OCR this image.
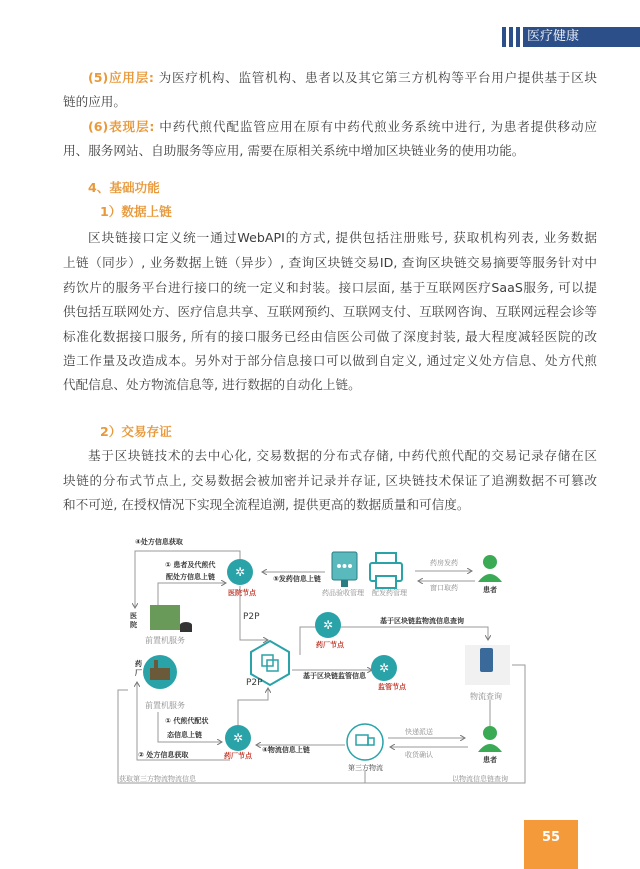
医疗健康
(5)应用层: 为医疗机构、监管机构、患者以及其它第三方机构等平台用户提供基于区块
链的应用。
(6)表现层: 中药代煎代配监管应用在原有中药代煎业务系统中进行, 为患者提供移动应
用、服务网站、自助服务等应用, 需要在原相关系统中增加区块链业务的使用功能。
4、基础功能
1）数据上链
区块链接口定义统一通过WebAPI的方式, 提供包括注册账号, 获取机构列表, 业务数据
上链（同步）, 业务数据上链（异步）, 查询区块链交易ID, 查询区块链交易摘要等服务针对中
药饮片的服务平台进行接口的统一定义和封装。接口层面, 基于互联网医疗SaaS服务, 可以提
供包括互联网处方、医疗信息共享、互联网预约、互联网支付、互联网咨询、互联网远程会诊等
标准化数据接口服务, 所有的接口服务已经由信医公司做了深度封装, 最大程度减轻医院的改
造工作量及改造成本。另外对于部分信息接口可以做到自定义, 通过定义处方信息、处方代煎
代配信息、处方物流信息等, 进行数据的自动化上链。
2）交易存证
基于区块链技术的去中心化, 交易数据的分布式存储, 中药代煎代配的交易记录存储在区
块链的分布式节点上, 交易数据会被加密并记录并存证, 区块链技术保证了追溯数据不可篡改
和不可逆, 在授权情况下实现全流程追溯, 提供更高的数据质量和可信度。
✲
✲
✲
✲
④处方信息获取
① 患者及代煎代
配处方信息上链
医院节点
⑤发药信息上链
医院
前置机服务
P2P
P2P
药品验收管理 配发药管理
药房发药
窗口取药	患者
药厂节点
基于区块链监物流信息查询
物流查询
基于区块链监管信息
监管节点
药厂
前置机服务
① 代煎代配状
态信息上链
药厂节点
② 处方信息获取
④物流信息上链
第三方物流
快递派送
收货确认
患者
获取第三方物流物流信息	以物流信息链查询
55
